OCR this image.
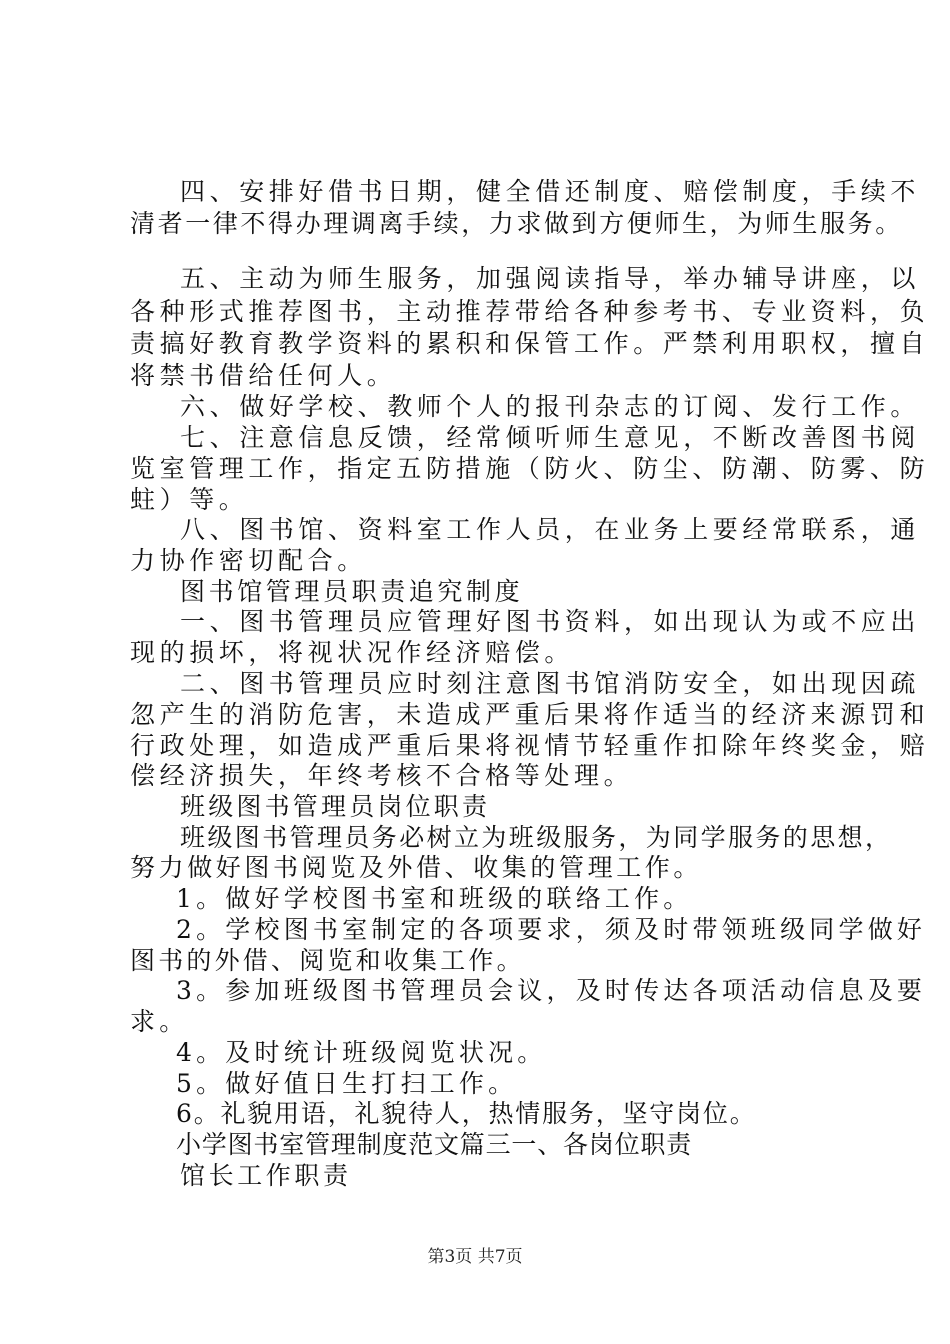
四、安排好借书日期，健全借还制度、赔偿制度，手续不
清者一律不得办理调离手续，力求做到方便师生，为师生服务。
五、主动为师生服务，加强阅读指导，举办辅导讲座，以
各种形式推荐图书，主动推荐带给各种参考书、专业资料，负
责搞好教育教学资料的累积和保管工作。严禁利用职权，擅自
将禁书借给任何人。
六、做好学校、教师个人的报刊杂志的订阅、发行工作。
七、注意信息反馈，经常倾听师生意见，不断改善图书阅
览室管理工作，指定五防措施（防火、防尘、防潮、防雾、防
蛀）等。
八、图书馆、资料室工作人员，在业务上要经常联系，通
力协作密切配合。
图书馆管理员职责追究制度
一、图书管理员应管理好图书资料，如出现认为或不应出
现的损坏，将视状况作经济赔偿。
二、图书管理员应时刻注意图书馆消防安全，如出现因疏
忽产生的消防危害，未造成严重后果将作适当的经济来源罚和
行政处理，如造成严重后果将视情节轻重作扣除年终奖金，赔
偿经济损失，年终考核不合格等处理。
班级图书管理员岗位职责
班级图书管理员务必树立为班级服务，为同学服务的思想，
努力做好图书阅览及外借、收集的管理工作。
1。做好学校图书室和班级的联络工作。
2。学校图书室制定的各项要求，须及时带领班级同学做好
图书的外借、阅览和收集工作。
3。参加班级图书管理员会议，及时传达各项活动信息及要
求。
4。及时统计班级阅览状况。
5。做好值日生打扫工作。
6。礼貌用语，礼貌待人，热情服务，坚守岗位。
小学图书室管理制度范文篇三一、各岗位职责
馆长工作职责
第3页 共7页
